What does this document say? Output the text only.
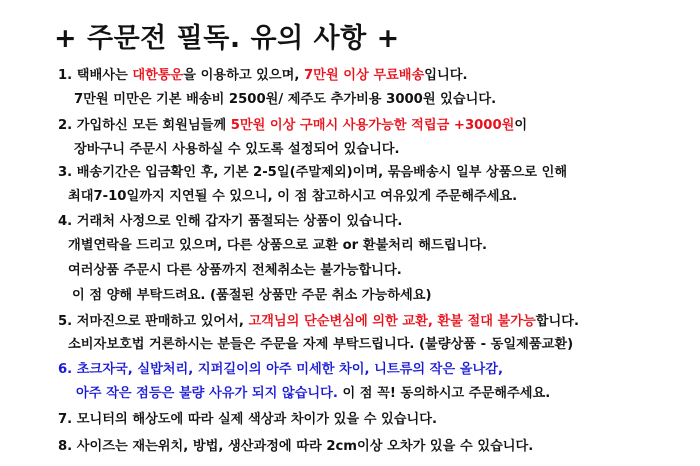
+ 주문전 필독. 유의 사항 +
1. 택배사는 대한통운을 이용하고 있으며, 7만원 이상 무료배송입니다.
7만원 미만은 기본 배송비 2500원/ 제주도 추가비용 3000원 있습니다.
2. 가입하신 모든 회원님들께 5만원 이상 구매시 사용가능한 적립금 +3000원이
장바구니 주문시 사용하실 수 있도록 설정되어 있습니다.
3. 배송기간은 입금확인 후, 기본 2-5일(주말제외)이며, 묶음배송시 일부 상품으로 인해
최대7-10일까지 지연될 수 있으니, 이 점 참고하시고 여유있게 주문해주세요.
4. 거래처 사정으로 인해 갑자기 품절되는 상품이 있습니다.
개별연락을 드리고 있으며, 다른 상품으로 교환 or 환불처리 해드립니다.
여러상품 주문시 다른 상품까지 전체취소는 불가능합니다.
이 점 양해 부탁드려요. (품절된 상품만 주문 취소 가능하세요)
5. 저마진으로 판매하고 있어서, 고객님의 단순변심에 의한 교환, 환불 절대 불가능합니다.
소비자보호법 거론하시는 분들은 주문을 자제 부탁드립니다. (불량상품 - 동일제품교환)
6. 초크자국, 실밥처리, 지퍼길이의 아주 미세한 차이, 니트류의 작은 올나감,
아주 작은 점등은 불량 사유가 되지 않습니다. 이 점 꼭! 동의하시고 주문해주세요.
7. 모니터의 해상도에 따라 실제 색상과 차이가 있을 수 있습니다.
8. 사이즈는 재는위치, 방법, 생산과정에 따라 2cm이상 오차가 있을 수 있습니다.
